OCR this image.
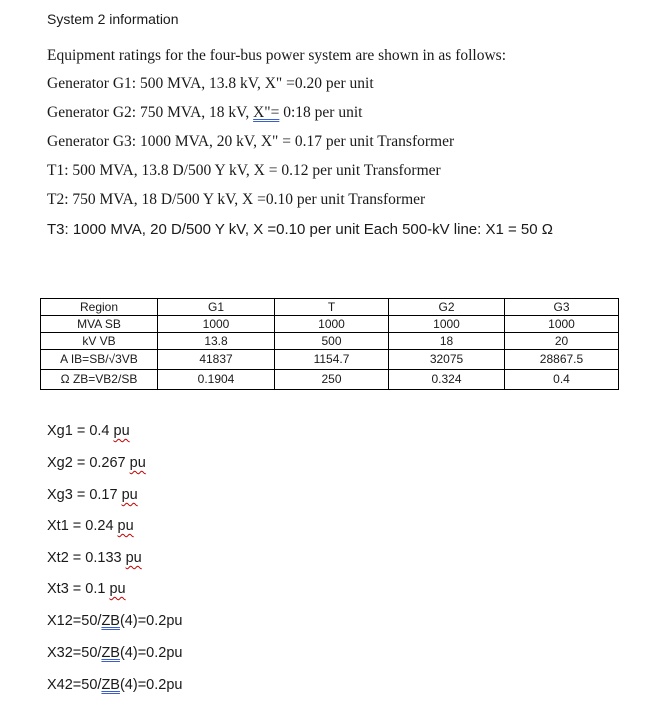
System 2 information
Equipment ratings for the four-bus power system are shown in as follows:
Generator G1: 500 MVA, 13.8 kV, X" =0.20 per unit
Generator G2: 750 MVA, 18 kV, X"= 0:18 per unit
Generator G3: 1000 MVA, 20 kV, X" = 0.17 per unit Transformer
T1: 500 MVA, 13.8 D/500 Y kV, X = 0.12 per unit Transformer
T2: 750 MVA, 18 D/500 Y kV, X =0.10 per unit Transformer
T3: 1000 MVA, 20 D/500 Y kV, X =0.10 per unit Each 500-kV line: X1 = 50 Ω
Region	G1	T	G2	G3
MVA SB	1000	1000	1000	1000
kV VB	13.8	500	18	20
A IB=SB/√3VB	41837	1154.7	32075	28867.5
Ω ZB=VB2/SB	0.1904	250	0.324	0.4
Xg1 = 0.4 pu
Xg2 = 0.267 pu
Xg3 = 0.17 pu
Xt1 = 0.24 pu
Xt2 = 0.133 pu
Xt3 = 0.1 pu
X12=50/ZB(4)=0.2pu
X32=50/ZB(4)=0.2pu
X42=50/ZB(4)=0.2pu
